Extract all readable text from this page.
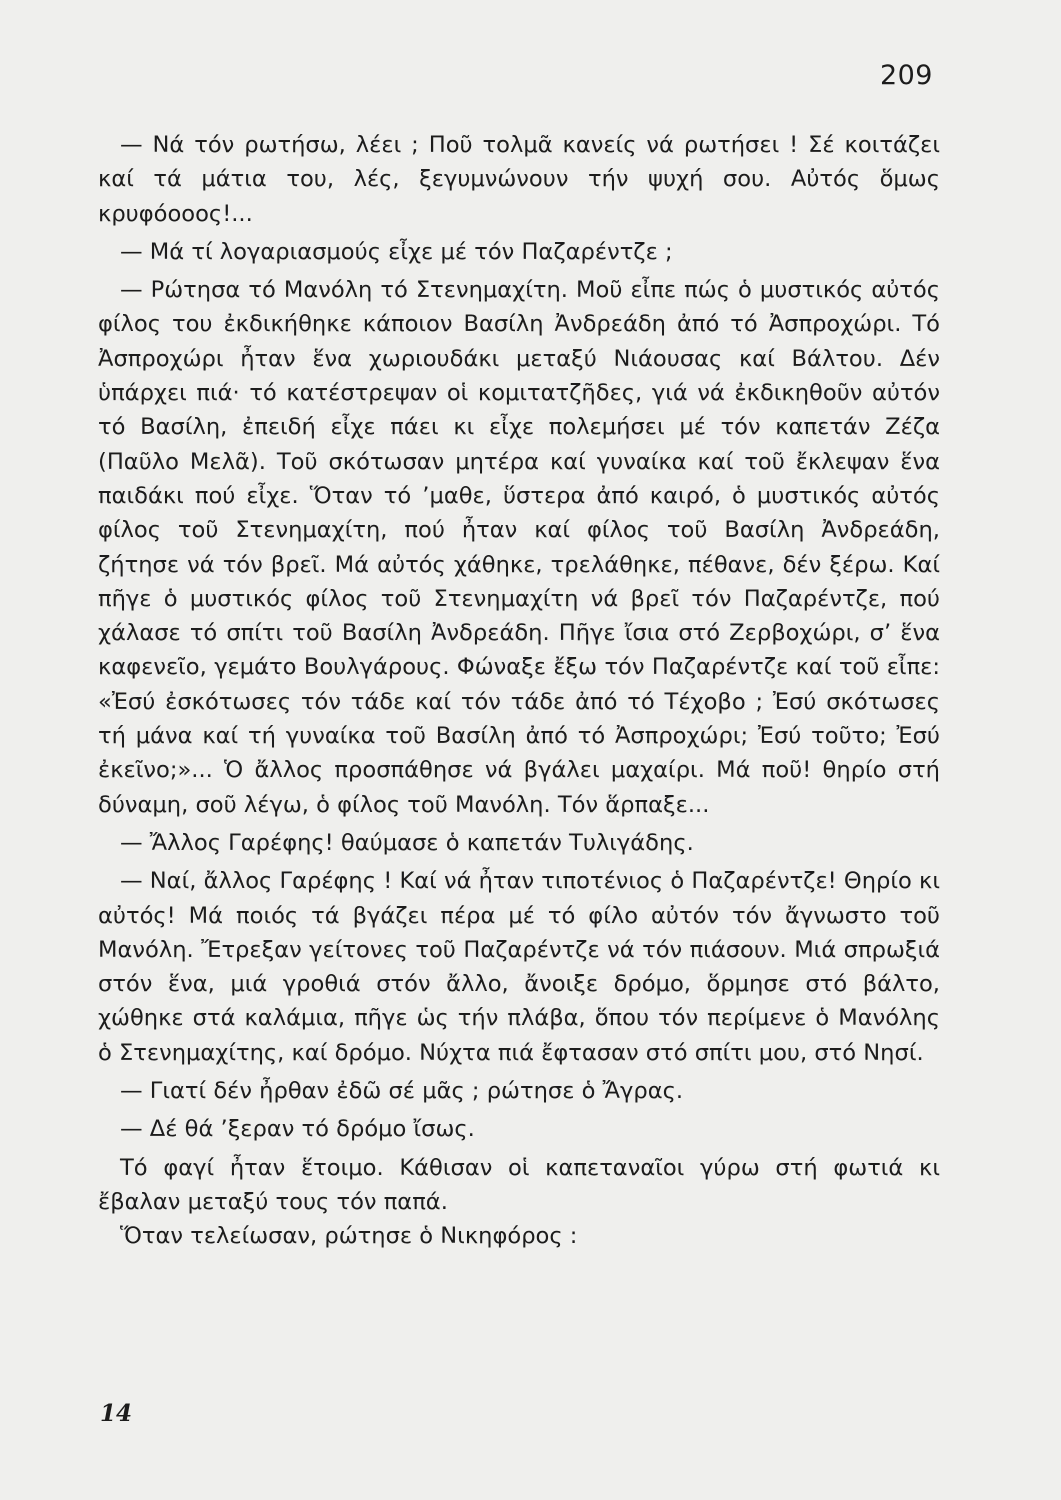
209

— Νά τόν ρωτήσω, λέει ; Ποῦ τολμᾶ κανείς νά ρωτήσει ! Σέ κοιτάζει καί τά μάτια του, λές, ξεγυμνώνουν τήν ψυχή σου. Αὐτός ὅμως κρυφόοοος!...

— Μά τί λογαριασμούς εἶχε μέ τόν Παζαρέντζε ;

— Ρώτησα τό Μανόλη τό Στενημαχίτη. Μοῦ εἶπε πώς ὁ μυστικός αὐτός φίλος του ἐκδικήθηκε κάποιον Βασίλη Ἀνδρεάδη ἀπό τό Ἀσπροχώρι. Τό Ἀσπροχώρι ἦταν ἕνα χωριουδάκι μεταξύ Νιάουσας καί Βάλτου. Δέν ὑπάρχει πιά· τό κατέστρεψαν οἱ κομιτατζῆδες, γιά νά ἐκδικηθοῦν αὐτόν τό Βασίλη, ἐπειδή εἶχε πάει κι εἶχε πολεμήσει μέ τόν καπετάν Ζέζα (Παῦλο Μελᾶ). Τοῦ σκότωσαν μητέρα καί γυναίκα καί τοῦ ἔκλεψαν ἕνα παιδάκι πού εἶχε. Ὅταν τό ’μαθε, ὕστερα ἀπό καιρό, ὁ μυστικός αὐτός φίλος τοῦ Στενημαχίτη, πού ἦταν καί φίλος τοῦ Βασίλη Ἀνδρεάδη, ζήτησε νά τόν βρεῖ. Μά αὐτός χάθηκε, τρελάθηκε, πέθανε, δέν ξέρω. Καί πῆγε ὁ μυστικός φίλος τοῦ Στενημαχίτη νά βρεῖ τόν Παζαρέντζε, πού χάλασε τό σπίτι τοῦ Βασίλη Ἀνδρεάδη. Πῆγε ἴσια στό Ζερβοχώρι, σ’ ἕνα καφενεῖο, γεμάτο Βουλγάρους. Φώναξε ἔξω τόν Παζαρέντζε καί τοῦ εἶπε: «Ἐσύ ἐσκότωσες τόν τάδε καί τόν τάδε ἀπό τό Τέχοβο ; Ἐσύ σκότωσες τή μάνα καί τή γυναίκα τοῦ Βασίλη ἀπό τό Ἀσπροχώρι; Ἐσύ τοῦτο; Ἐσύ ἐκεῖνο;»... Ὁ ἄλλος προσπάθησε νά βγάλει μαχαίρι. Μά ποῦ! θηρίο στή δύναμη, σοῦ λέγω, ὁ φίλος τοῦ Μανόλη. Τόν ἅρπαξε...

— Ἄλλος Γαρέφης! θαύμασε ὁ καπετάν Τυλιγάδης.

— Ναί, ἄλλος Γαρέφης ! Καί νά ἦταν τιποτένιος ὁ Παζαρέντζε! Θηρίο κι αὐτός! Μά ποιός τά βγάζει πέρα μέ τό φίλο αὐτόν τόν ἄγνωστο τοῦ Μανόλη. Ἔτρεξαν γείτονες τοῦ Παζαρέντζε νά τόν πιάσουν. Μιά σπρωξιά στόν ἕνα, μιά γροθιά στόν ἄλλο, ἄνοιξε δρόμο, ὅρμησε στό βάλτο, χώθηκε στά καλάμια, πῆγε ὡς τήν πλάβα, ὅπου τόν περίμενε ὁ Μανόλης ὁ Στενημαχίτης, καί δρόμο. Νύχτα πιά ἔφτασαν στό σπίτι μου, στό Νησί.

— Γιατί δέν ἦρθαν ἐδῶ σέ μᾶς ; ρώτησε ὁ Ἄγρας.

— Δέ θά ’ξεραν τό δρόμο ἴσως.

Τό φαγί ἦταν ἕτοιμο. Κάθισαν οἱ καπεταναῖοι γύρω στή φωτιά κι ἔβαλαν μεταξύ τους τόν παπά.

Ὅταν τελείωσαν, ρώτησε ὁ Νικηφόρος :

14
